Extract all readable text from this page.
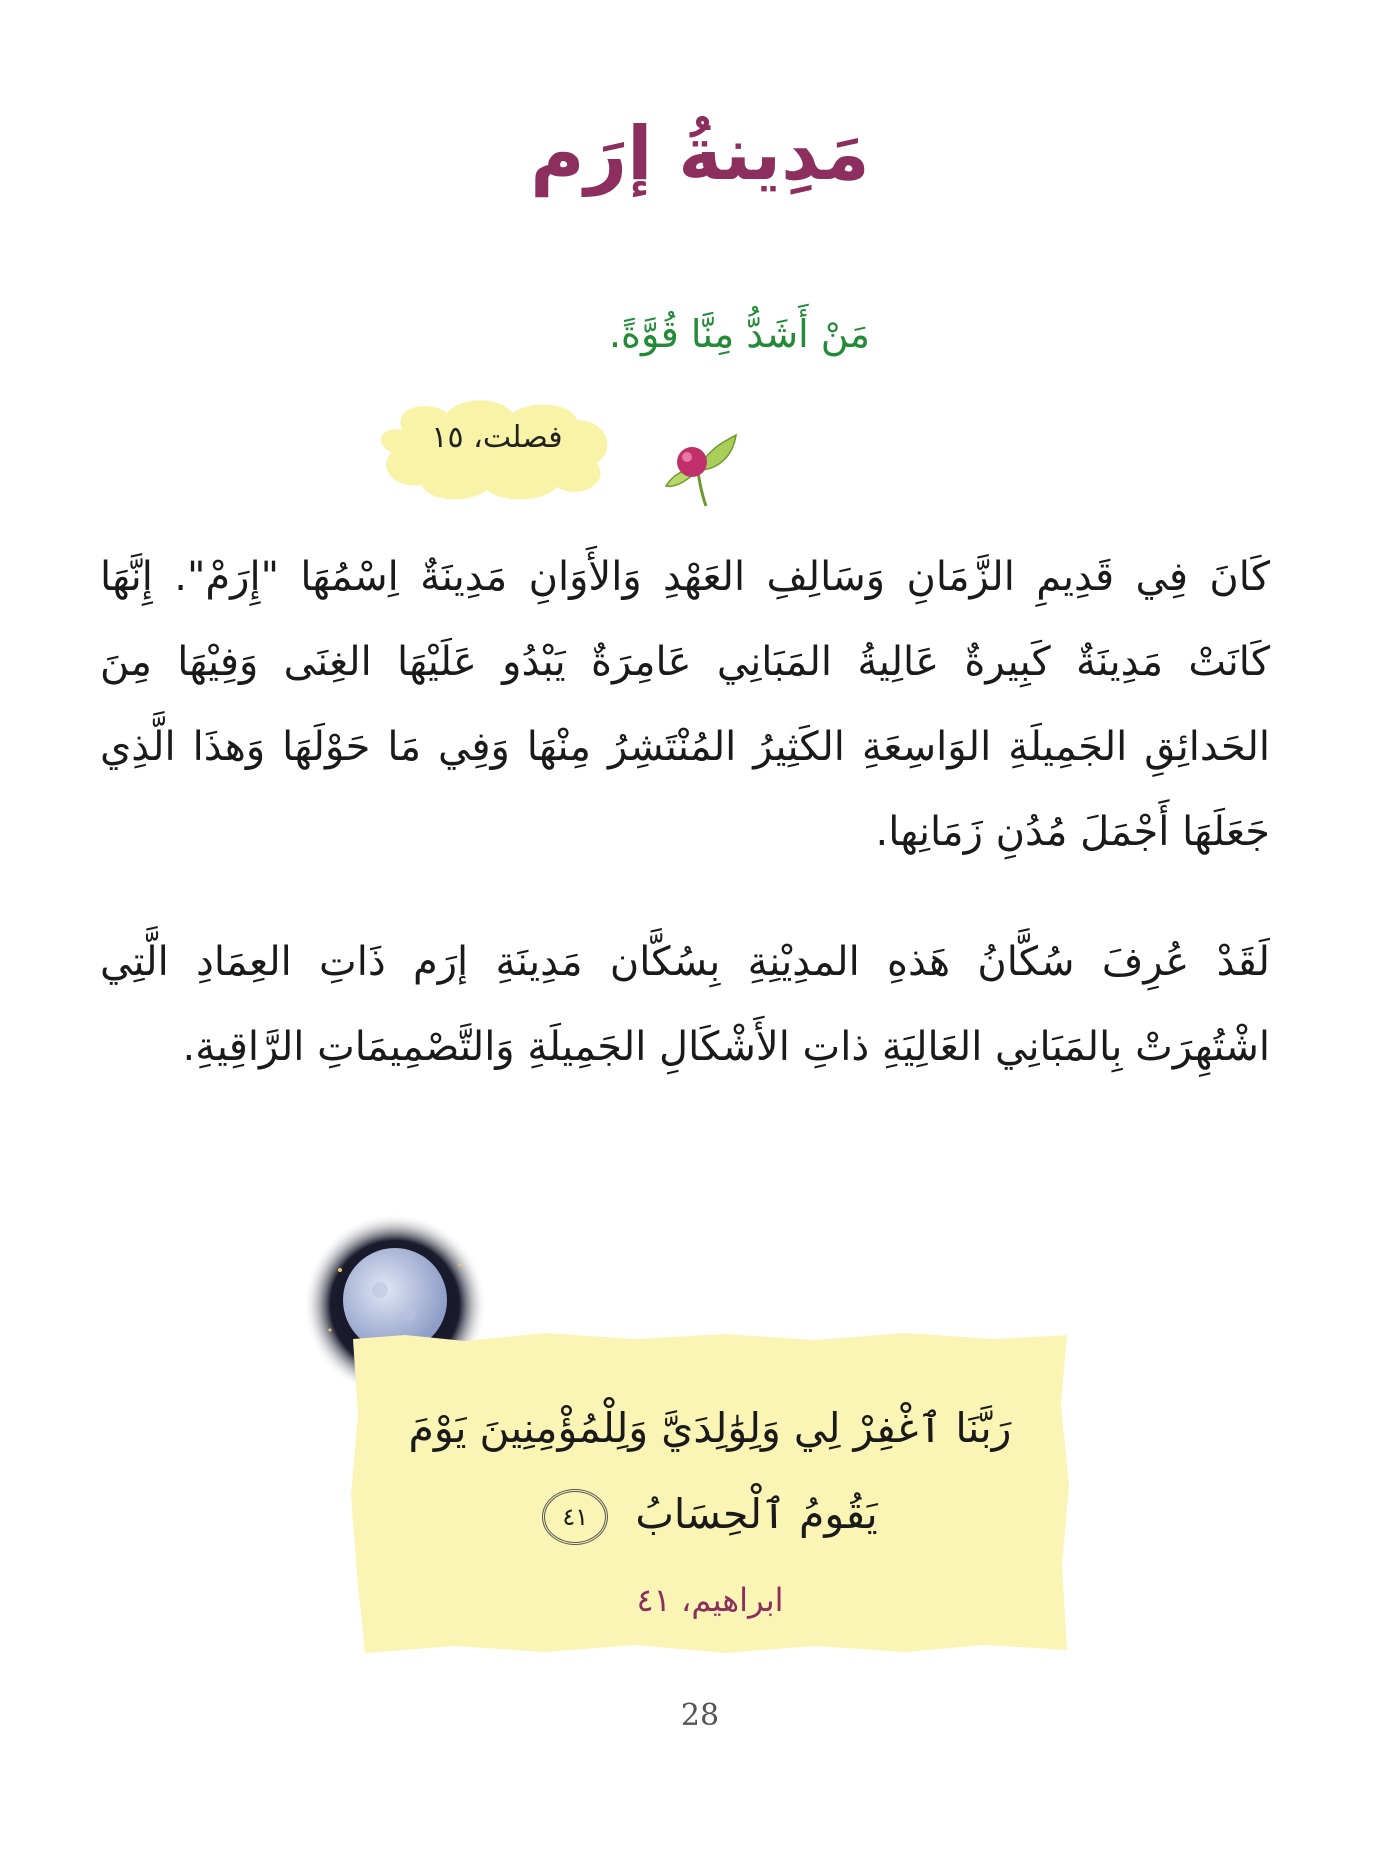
مَدِينةُ إرَم
مَنْ أَشَدُّ مِنَّا قُوَّةً.
فصلت، ١٥
كَانَ فِي قَدِيمِ الزَّمَانِ وَسَالِفِ العَهْدِ وَالأَوَانِ مَدِينَةٌ اِسْمُهَا "إِرَمْ". إِنَّهَا كَانَتْ مَدِينَةٌ كَبِيرةٌ عَالِيةُ المَبَانِي عَامِرَةٌ يَبْدُو عَلَيْهَا الغِنَى وَفِيْهَا مِنَ الحَدائِقِ الجَمِيلَةِ الوَاسِعَةِ الكَثِيرُ المُنْتَشِرُ مِنْهَا وَفِي مَا حَوْلَهَا وَهذَا الَّذِي جَعَلَهَا أَجْمَلَ مُدُنِ زَمَانِها.
لَقَدْ عُرِفَ سُكَّانُ هَذهِ المدِيْنِةِ بِسُكَّان مَدِينَةِ إرَم ذَاتِ العِمَادِ الَّتِي اشْتُهِرَتْ بِالمَبَانِي العَالِيَةِ ذاتِ الأَشْكَالِ الجَمِيلَةِ وَالتَّصْمِيمَاتِ الرَّاقِيةِ.
رَبَّنَا ٱغْفِرْ لِي وَلِوَٰلِدَيَّ وَلِلْمُؤْمِنِينَ يَوْمَ
يَقُومُ ٱلْحِسَابُ ٤١
ابراهيم، ٤١
28
